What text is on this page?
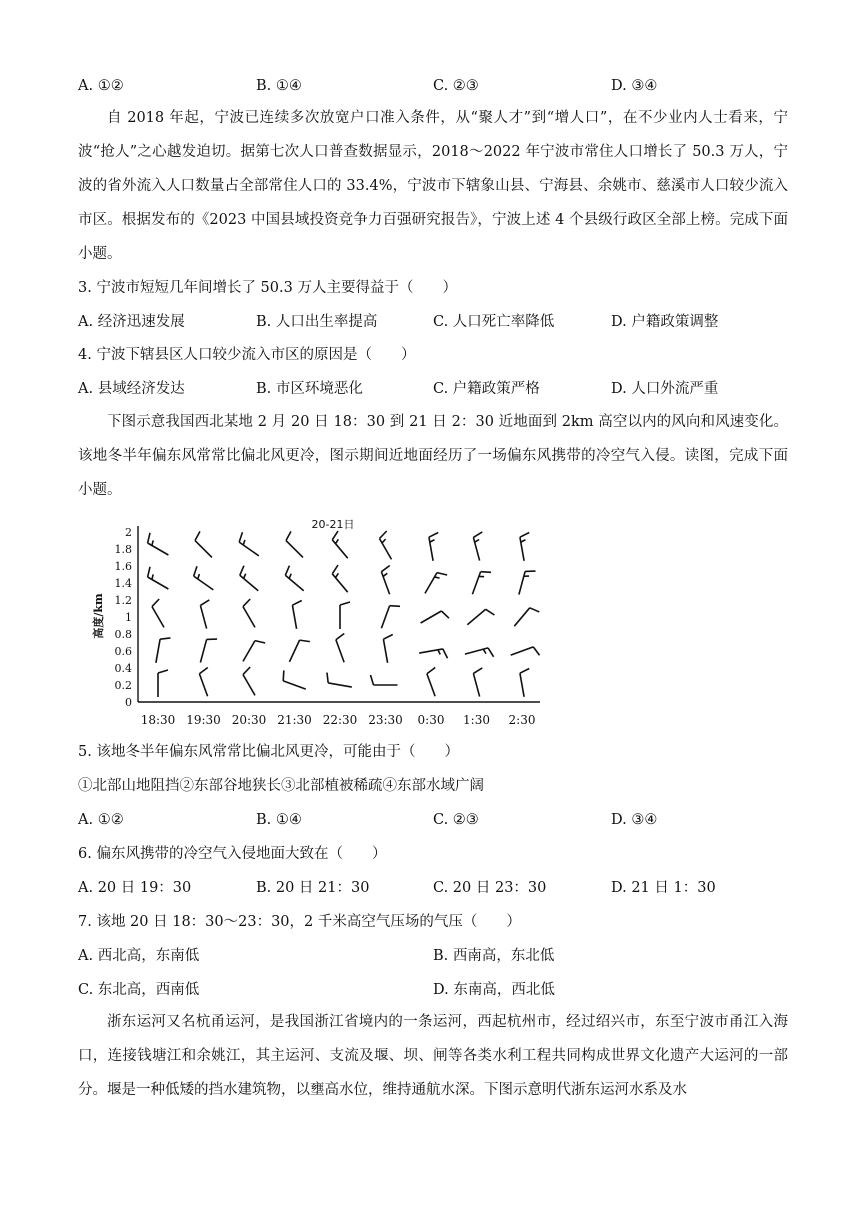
A. ①②	B. ①④	C. ②③	D. ③④
自 2018 年起，宁波已连续多次放宽户口准入条件，从“聚人才”到“增人口”，在不少业内人士看来，宁波“抢人”之心越发迫切。据第七次人口普查数据显示，2018～2022 年宁波市常住人口增长了 50.3 万人，宁波的省外流入人口数量占全部常住人口的 33.4%，宁波市下辖象山县、宁海县、余姚市、慈溪市人口较少流入市区。根据发布的《2023 中国县域投资竞争力百强研究报告》，宁波上述 4 个县级行政区全部上榜。完成下面小题。
3. 宁波市短短几年间增长了 50.3 万人主要得益于（　　）
A. 经济迅速发展	B. 人口出生率提高	C. 人口死亡率降低	D. 户籍政策调整
4. 宁波下辖县区人口较少流入市区的原因是（　　）
A. 县域经济发达	B. 市区环境恶化	C. 户籍政策严格	D. 人口外流严重
下图示意我国西北某地 2 月 20 日 18：30 到 21 日 2：30 近地面到 2km 高空以内的风向和风速变化。该地冬半年偏东风常常比偏北风更冷，图示期间近地面经历了一场偏东风携带的冷空气入侵。读图，完成下面小题。
20-21日
0
0.2
0.4
0.6
0.8
1
1.2
1.4
1.6
1.8
2
高度/km
18:30 19:30 20:30 21:30 22:30 23:30 0:30 1:30 2:30
5. 该地冬半年偏东风常常比偏北风更冷，可能由于（　　）
①北部山地阻挡②东部谷地狭长③北部植被稀疏④东部水域广阔
A. ①②	B. ①④	C. ②③	D. ③④
6. 偏东风携带的冷空气入侵地面大致在（　　）
A. 20 日 19：30	B. 20 日 21：30	C. 20 日 23：30	D. 21 日 1：30
7. 该地 20 日 18：30～23：30，2 千米高空气压场的气压（　　）
A. 西北高，东南低	B. 西南高，东北低
C. 东北高，西南低	D. 东南高，西北低
浙东运河又名杭甬运河，是我国浙江省境内的一条运河，西起杭州市，经过绍兴市，东至宁波市甬江入海口，连接钱塘江和余姚江，其主运河、支流及堰、坝、闸等各类水利工程共同构成世界文化遗产大运河的一部分。堰是一种低矮的挡水建筑物，以壅高水位，维持通航水深。下图示意明代浙东运河水系及水
